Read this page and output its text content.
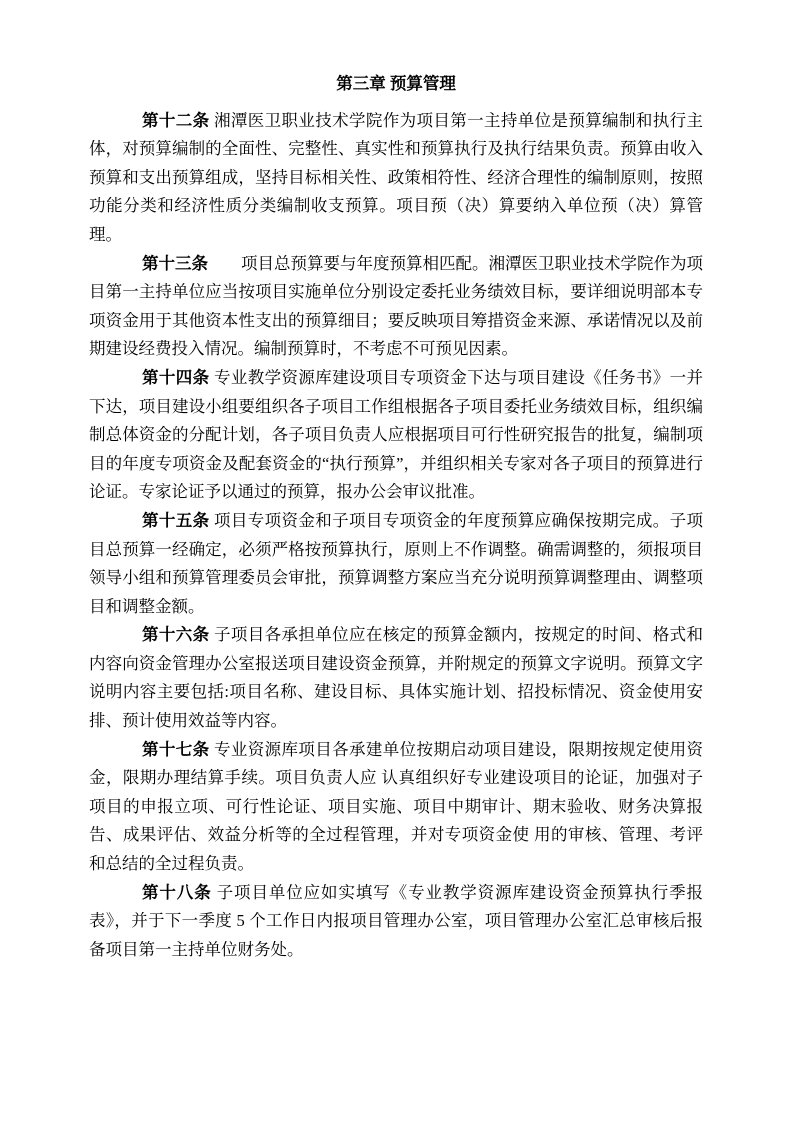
第三章 预算管理

第十二条 湘潭医卫职业技术学院作为项目第一主持单位是预算编制和执行主体，对预算编制的全面性、完整性、真实性和预算执行及执行结果负责。预算由收入预算和支出预算组成，坚持目标相关性、政策相符性、经济合理性的编制原则，按照功能分类和经济性质分类编制收支预算。项目预（决）算要纳入单位预（决）算管理。

第十三条　　项目总预算要与年度预算相匹配。湘潭医卫职业技术学院作为项目第一主持单位应当按项目实施单位分别设定委托业务绩效目标，要详细说明部本专项资金用于其他资本性支出的预算细目；要反映项目筹措资金来源、承诺情况以及前期建设经费投入情况。编制预算时，不考虑不可预见因素。

第十四条 专业教学资源库建设项目专项资金下达与项目建设《任务书》一并下达，项目建设小组要组织各子项目工作组根据各子项目委托业务绩效目标，组织编制总体资金的分配计划，各子项目负责人应根据项目可行性研究报告的批复，编制项目的年度专项资金及配套资金的“执行预算”，并组织相关专家对各子项目的预算进行论证。专家论证予以通过的预算，报办公会审议批准。

第十五条 项目专项资金和子项目专项资金的年度预算应确保按期完成。子项目总预算一经确定，必须严格按预算执行，原则上不作调整。确需调整的，须报项目领导小组和预算管理委员会审批，预算调整方案应当充分说明预算调整理由、调整项目和调整金额。

第十六条 子项目各承担单位应在核定的预算金额内，按规定的时间、格式和内容向资金管理办公室报送项目建设资金预算，并附规定的预算文字说明。预算文字说明内容主要包括:项目名称、建设目标、具体实施计划、招投标情况、资金使用安排、预计使用效益等内容。

第十七条 专业资源库项目各承建单位按期启动项目建设，限期按规定使用资金，限期办理结算手续。项目负责人应 认真组织好专业建设项目的论证，加强对子项目的申报立项、可行性论证、项目实施、项目中期审计、期末验收、财务决算报告、成果评估、效益分析等的全过程管理，并对专项资金使 用的审核、管理、考评和总结的全过程负责。

第十八条 子项目单位应如实填写《专业教学资源库建设资金预算执行季报表》，并于下一季度 5 个工作日内报项目管理办公室，项目管理办公室汇总审核后报备项目第一主持单位财务处。
